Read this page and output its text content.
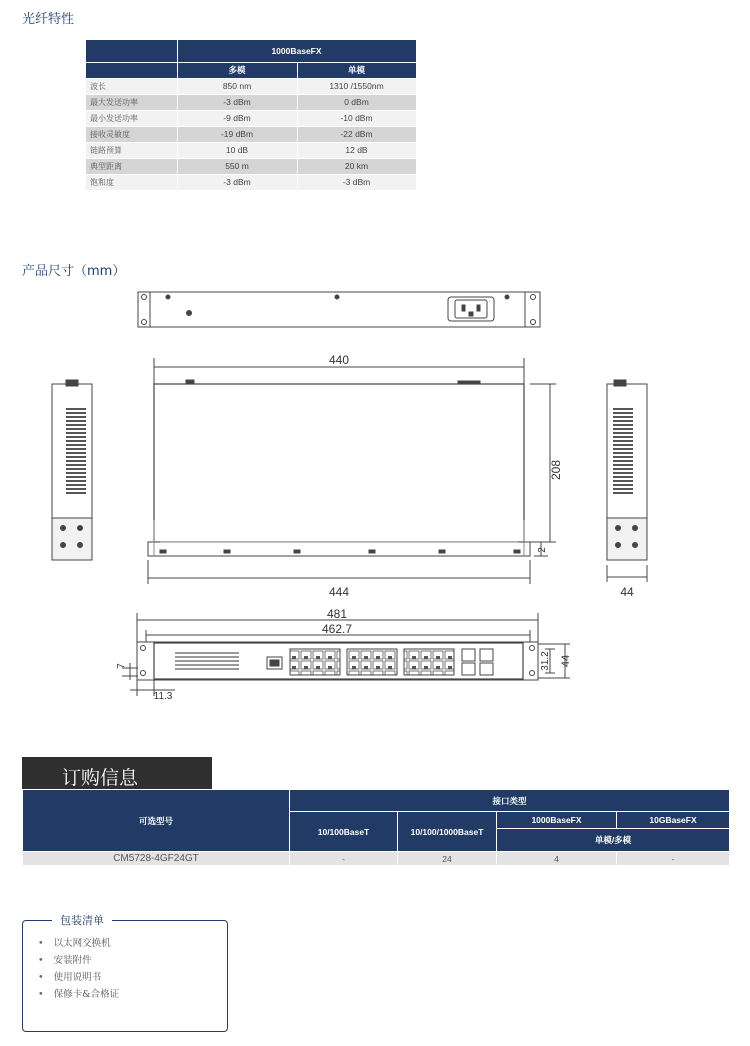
光纤特性
	1000BaseFX	
	多模	单模
波长	850 nm	1310 /1550nm
最大发送功率	-3 dBm	0 dBm
最小发送功率	-9 dBm	-10 dBm
接收灵敏度	-19 dBm	-22 dBm
链路预算	10 dB	12 dB
典型距离	550 m	20 km
饱和度	-3 dBm	-3 dBm
产品尺寸（mm）
440
208
2
444	44
481
462.7
31.2 44
7
11.3
订购信息
可选型号	接口类型			
	10/100BaseT	10/100/1000BaseT	1000BaseFX	10GBaseFX
			单模/多模	
CM5728-4GF24GT	-	24	4	-
包装清单
• 以太网交换机
• 安装附件
• 使用说明书
• 保修卡&合格证
